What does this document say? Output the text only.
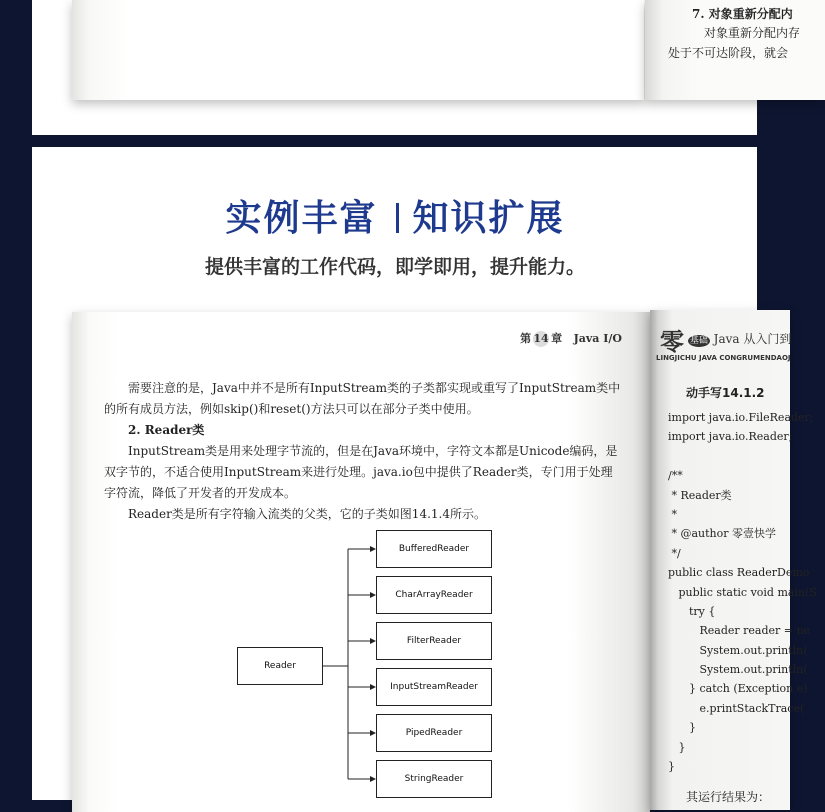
7. 对象重新分配内
对象重新分配内存
处于不可达阶段，就会
实例丰富 知识扩展
提供丰富的工作代码，即学即用，提升能力。
第 14 章 Java I/O

需要注意的是，Java中并不是所有InputStream类的子类都实现或重写了InputStream类中的所有成员方法，例如skip()和reset()方法只可以在部分子类中使用。

2. Reader类

InputStream类是用来处理字节流的，但是在Java环境中，字符文本都是Unicode编码，是双字节的，不适合使用InputStream来进行处理。java.io包中提供了Reader类，专门用于处理字符流，降低了开发者的开发成本。

Reader类是所有字符输入流类的父类，它的子类如图14.1.4所示。

Reader
BufferedReader
CharArrayReader
FilterReader
InputStreamReader
PipedReader
StringReader
零 基础 Java 从入门到
LINGJICHU JAVA CONGRUMENDAOJ
动手写14.1.2
import java.io.FileReader;
import java.io.Reader;
/**
* Reader类
*
* @author 零壹快学
*/
public class ReaderDemo
public static void main(S
try {
Reader reader = ne
System.out.println(
System.out.println(
} catch (Exception e)
e.printStackTrace(
}
}
}
其运行结果为：
